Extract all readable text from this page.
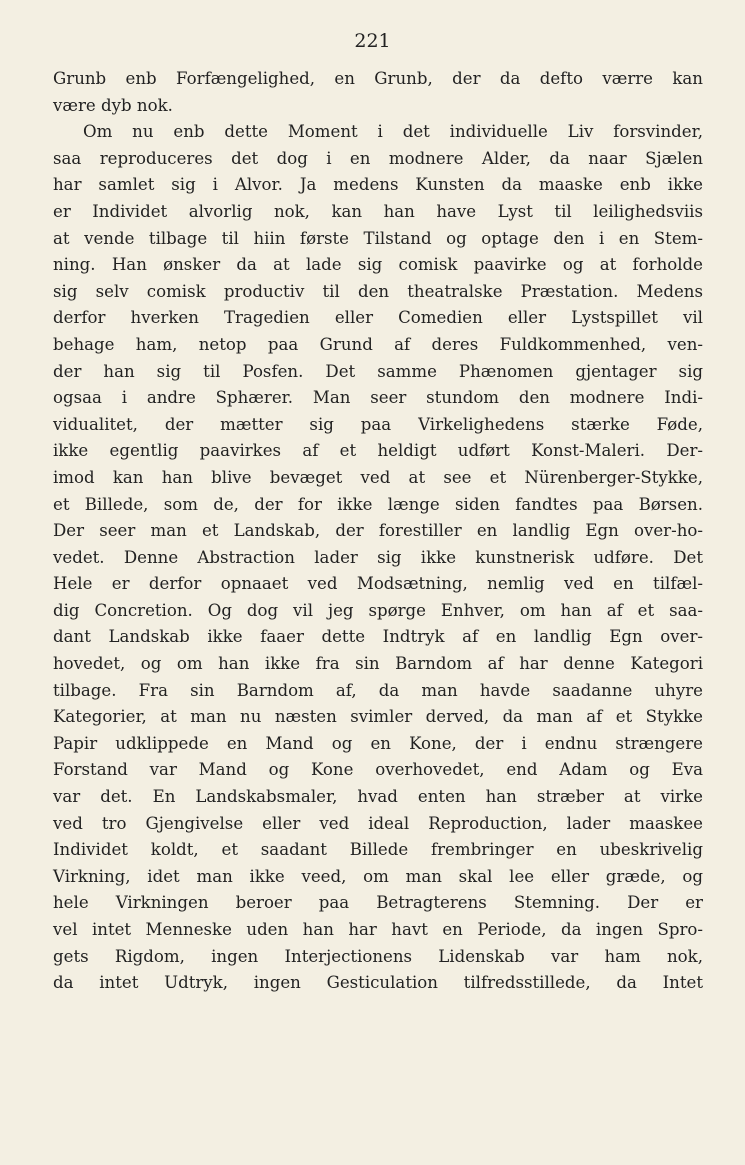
221
Grunb enb Forfængelighed, en Grunb, der da defto værre kan
være dyb nok.
Om nu enb dette Moment i det individuelle Liv forsvinder,
saa reproduceres det dog i en modnere Alder, da naar Sjælen
har samlet sig i Alvor. Ja medens Kunsten da maaske enb ikke
er Individet alvorlig nok, kan han have Lyst til leilighedsviis
at vende tilbage til hiin første Tilstand og optage den i en Stem-
ning. Han ønsker da at lade sig comisk paavirke og at forholde
sig selv comisk productiv til den theatralske Præstation. Medens
derfor hverken Tragedien eller Comedien eller Lystspillet vil
behage ham, netop paa Grund af deres Fuldkommenhed, ven-
der han sig til Posfen. Det samme Phænomen gjentager sig
ogsaa i andre Sphærer. Man seer stundom den modnere Indi-
vidualitet, der mætter sig paa Virkelighedens stærke Føde,
ikke egentlig paavirkes af et heldigt udført Konst-Maleri. Der-
imod kan han blive bevæget ved at see et Nürenberger-Stykke,
et Billede, som de, der for ikke længe siden fandtes paa Børsen.
Der seer man et Landskab, der forestiller en landlig Egn over-ho-
vedet. Denne Abstraction lader sig ikke kunstnerisk udføre. Det
Hele er derfor opnaaet ved Modsætning, nemlig ved en tilfæl-
dig Concretion. Og dog vil jeg spørge Enhver, om han af et saa-
dant Landskab ikke faaer dette Indtryk af en landlig Egn over-
hovedet, og om han ikke fra sin Barndom af har denne Kategori
tilbage. Fra sin Barndom af, da man havde saadanne uhyre
Kategorier, at man nu næsten svimler derved, da man af et Stykke
Papir udklippede en Mand og en Kone, der i endnu strængere
Forstand var Mand og Kone overhovedet, end Adam og Eva
var det. En Landskabsmaler, hvad enten han stræber at virke
ved tro Gjengivelse eller ved ideal Reproduction, lader maaskee
Individet koldt, et saadant Billede frembringer en ubeskrivelig
Virkning, idet man ikke veed, om man skal lee eller græde, og
hele Virkningen beroer paa Betragterens Stemning. Der er
vel intet Menneske uden han har havt en Periode, da ingen Spro-
gets Rigdom, ingen Interjectionens Lidenskab var ham nok,
da intet Udtryk, ingen Gesticulation tilfredsstillede, da Intet
